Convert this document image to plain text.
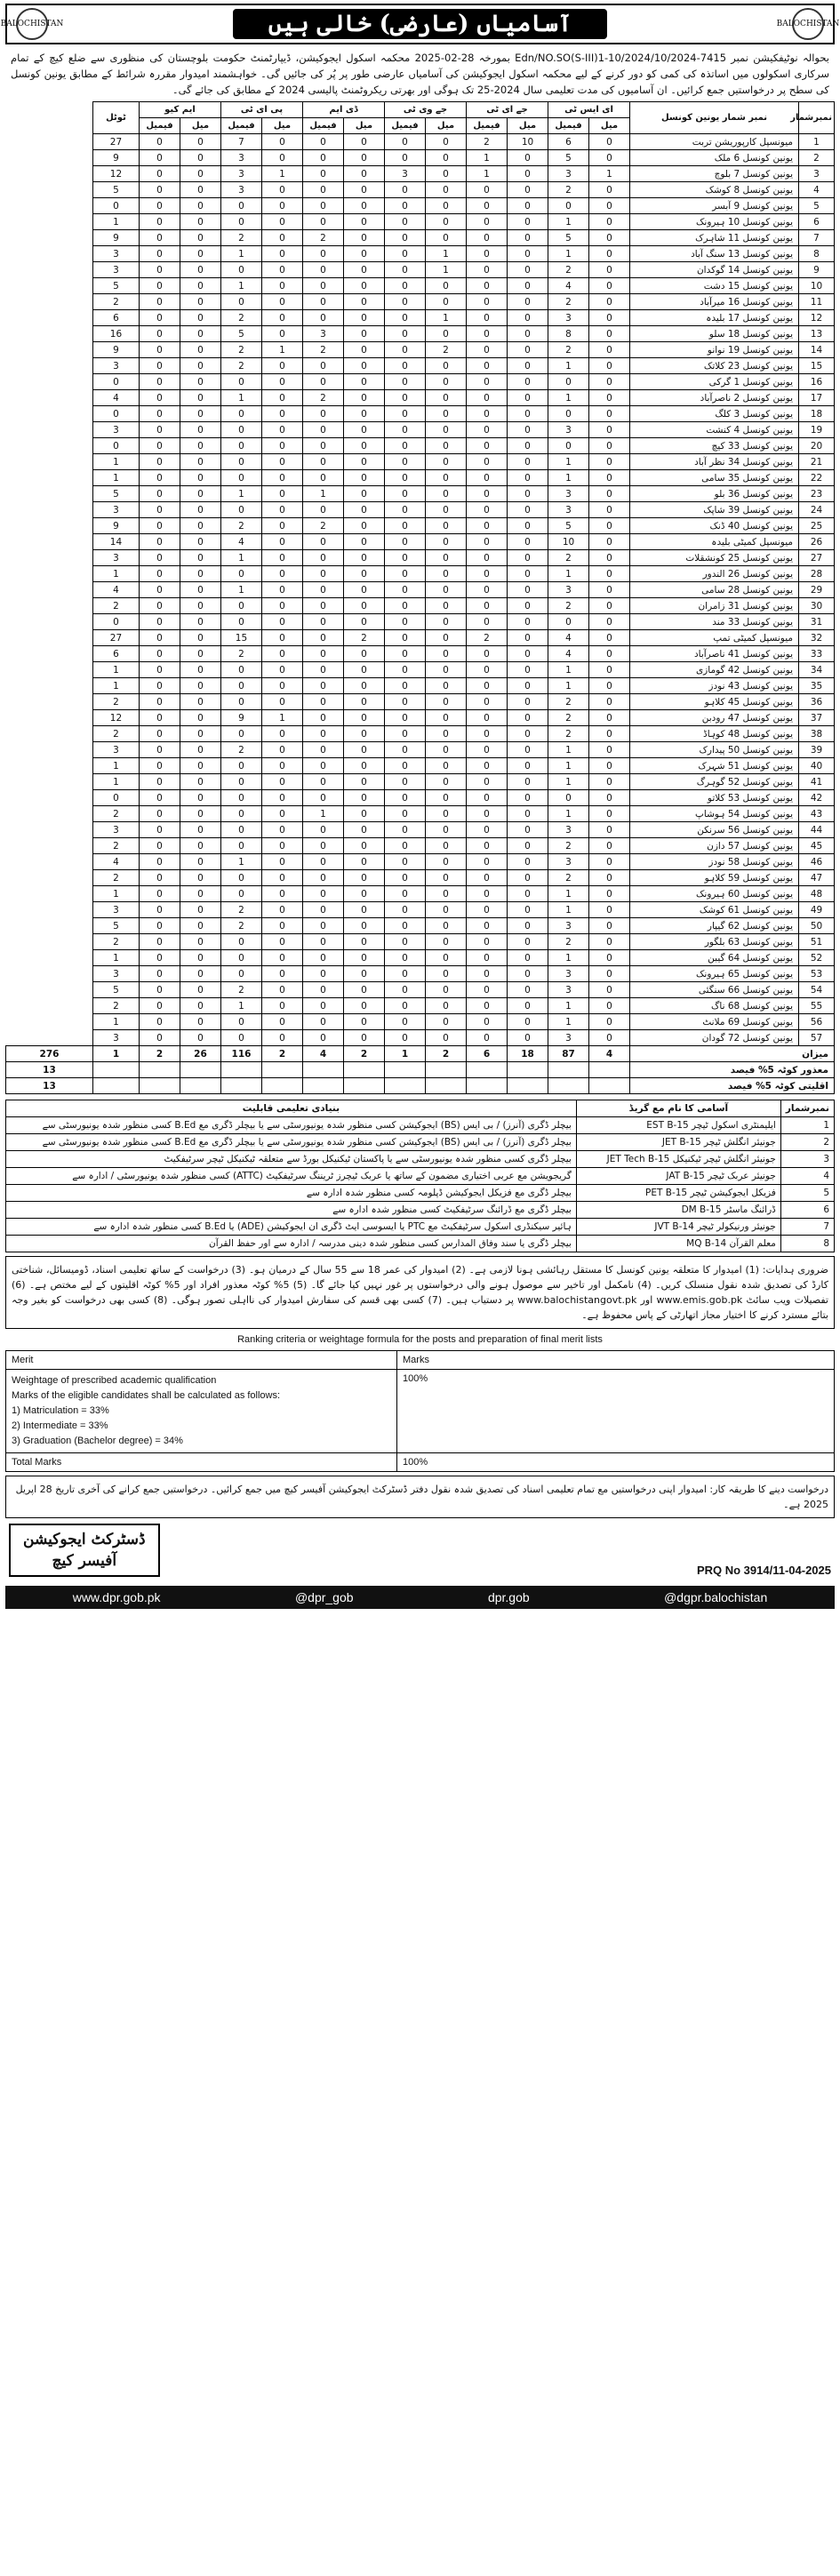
BALOCHISTAN	آسامیاں (عارضی) خالی ہیں	BALOCHISTAN

بحوالہ نوٹیفکیشن نمبر 7415-10/2024/Edn/NO.SO(S-III)1-10/2024 بمورخہ 28-02-2025 محکمہ اسکول ایجوکیشن، ڈیپارٹمنٹ حکومت بلوچستان کی منظوری سے ضلع کیچ کے تمام سرکاری اسکولوں میں اساتذہ کی کمی کو دور کرنے کے لیے محکمہ اسکول ایجوکیشن کی آسامیاں عارضی طور پر پُر کی جائیں گی۔ خواہشمند امیدوار مقررہ شرائط کے مطابق یونین کونسل کی سطح پر درخواستیں جمع کرائیں۔ ان آسامیوں کی مدت تعلیمی سال 2024-25 تک ہوگی اور بھرتی ریکروٹمنٹ پالیسی 2024 کے مطابق کی جائے گی۔

نمبرشمار	نمبر شمار یونین کونسل	ای ایس ٹی		جے ای ٹی		جے وی ٹی		ڈی ایم		پی ای ٹی		ایم کیو		ٹوٹل	
		میل	فیمیل	میل	فیمیل	میل	فیمیل	میل	فیمیل	میل	فیمیل	میل	فیمیل		
1	میونسپل کارپوریشن تربت	0	6	10	2	0	0	0	0	0	7	0	0	27	
2	یونین کونسل 6 ملک	0	5	0	1	0	0	0	0	0	3	0	0	9	
3	یونین کونسل 7 بلوچ	1	3	0	1	0	3	0	0	1	3	0	0	12	
4	یونین کونسل 8 کوشک	0	2	0	0	0	0	0	0	0	3	0	0	5	
5	یونین کونسل 9 آبسر	0	0	0	0	0	0	0	0	0	0	0	0	0	
6	یونین کونسل 10 ہیرونک	0	1	0	0	0	0	0	0	0	0	0	0	1	
7	یونین کونسل 11 شاہرک	0	5	0	0	0	0	0	2	0	2	0	0	9	
8	یونین کونسل 13 سنگ آباد	0	1	0	0	1	0	0	0	0	1	0	0	3	
9	یونین کونسل 14 گوکدان	0	2	0	0	1	0	0	0	0	0	0	0	3	
10	یونین کونسل 15 دشت	0	4	0	0	0	0	0	0	0	1	0	0	5	
11	یونین کونسل 16 میرآباد	0	2	0	0	0	0	0	0	0	0	0	0	2	
12	یونین کونسل 17 بلیدہ	0	3	0	0	1	0	0	0	0	2	0	0	6	
13	یونین کونسل 18 سلو	0	8	0	0	0	0	0	3	0	5	0	0	16	
14	یونین کونسل 19 نوانو	0	2	0	0	2	0	0	2	1	2	0	0	9	
15	یونین کونسل 23 کلاتک	0	1	0	0	0	0	0	0	0	2	0	0	3	
16	یونین کونسل 1 گرکی	0	0	0	0	0	0	0	0	0	0	0	0	0	
17	یونین کونسل 2 ناصرآباد	0	1	0	0	0	0	0	2	0	1	0	0	4	
18	یونین کونسل 3 کلگ	0	0	0	0	0	0	0	0	0	0	0	0	0	
19	یونین کونسل 4 کنشت	0	3	0	0	0	0	0	0	0	0	0	0	3	
20	یونین کونسل 33 کیچ	0	0	0	0	0	0	0	0	0	0	0	0	0	
21	یونین کونسل 34 نظر آباد	0	1	0	0	0	0	0	0	0	0	0	0	1	
22	یونین کونسل 35 سامی	0	1	0	0	0	0	0	0	0	0	0	0	1	
23	یونین کونسل 36 بلو	0	3	0	0	0	0	0	1	0	1	0	0	5	
24	یونین کونسل 39 شاپک	0	3	0	0	0	0	0	0	0	0	0	0	3	
25	یونین کونسل 40 ڈنک	0	5	0	0	0	0	0	2	0	2	0	0	9	
26	میونسپل کمیٹی بلیدہ	0	10	0	0	0	0	0	0	0	4	0	0	14	
27	یونین کونسل 25 کونشقلات	0	2	0	0	0	0	0	0	0	1	0	0	3	
28	یونین کونسل 26 الندور	0	1	0	0	0	0	0	0	0	0	0	0	1	
29	یونین کونسل 28 سامی	0	3	0	0	0	0	0	0	0	1	0	0	4	
30	یونین کونسل 31 زامران	0	2	0	0	0	0	0	0	0	0	0	0	2	
31	یونین کونسل 33 مند	0	0	0	0	0	0	0	0	0	0	0	0	0	
32	میونسپل کمیٹی تمپ	0	4	0	2	0	0	2	0	0	15	0	0	27	
33	یونین کونسل 41 ناصرآباد	0	4	0	0	0	0	0	0	0	2	0	0	6	
34	یونین کونسل 42 گومازی	0	1	0	0	0	0	0	0	0	0	0	0	1	
35	یونین کونسل 43 نودز	0	1	0	0	0	0	0	0	0	0	0	0	1	
36	یونین کونسل 45 کلاہو	0	2	0	0	0	0	0	0	0	0	0	0	2	
37	یونین کونسل 47 رودبن	0	2	0	0	0	0	0	0	1	9	0	0	12	
38	یونین کونسل 48 کوہاڈ	0	2	0	0	0	0	0	0	0	0	0	0	2	
39	یونین کونسل 50 پیدارک	0	1	0	0	0	0	0	0	0	2	0	0	3	
40	یونین کونسل 51 شہرک	0	1	0	0	0	0	0	0	0	0	0	0	1	
41	یونین کونسل 52 گوہرگ	0	1	0	0	0	0	0	0	0	0	0	0	1	
42	یونین کونسل 53 کلاتو	0	0	0	0	0	0	0	0	0	0	0	0	0	
43	یونین کونسل 54 ہوشاپ	0	1	0	0	0	0	0	1	0	0	0	0	2	
44	یونین کونسل 56 سرنکن	0	3	0	0	0	0	0	0	0	0	0	0	3	
45	یونین کونسل 57 دازن	0	2	0	0	0	0	0	0	0	0	0	0	2	
46	یونین کونسل 58 نودز	0	3	0	0	0	0	0	0	0	1	0	0	4	
47	یونین کونسل 59 کلاہو	0	2	0	0	0	0	0	0	0	0	0	0	2	
48	یونین کونسل 60 ہیرونک	0	1	0	0	0	0	0	0	0	0	0	0	1	
49	یونین کونسل 61 کوشک	0	1	0	0	0	0	0	0	0	2	0	0	3	
50	یونین کونسل 62 گیپار	0	3	0	0	0	0	0	0	0	2	0	0	5	
51	یونین کونسل 63 بلگور	0	2	0	0	0	0	0	0	0	0	0	0	2	
52	یونین کونسل 64 گیبن	0	1	0	0	0	0	0	0	0	0	0	0	1	
53	یونین کونسل 65 ہیرونک	0	3	0	0	0	0	0	0	0	0	0	0	3	
54	یونین کونسل 66 سنگئی	0	3	0	0	0	0	0	0	0	2	0	0	5	
55	یونین کونسل 68 ناگ	0	1	0	0	0	0	0	0	0	1	0	0	2	
56	یونین کونسل 69 ملانٹ	0	1	0	0	0	0	0	0	0	0	0	0	1	
57	یونین کونسل 72 گودان	0	3	0	0	0	0	0	0	0	0	0	0	3	
میزان		4	87	18	6	2	1	2	4	2	116	26	2	1	276
معذور کوٹہ 5% فیصد															13
اقلیتی کوٹہ 5% فیصد															13
نمبرشمار	آسامی کا نام مع گریڈ	بنیادی تعلیمی قابلیت
1	ایلیمنٹری اسکول ٹیچر EST B-15	بیچلر ڈگری (آنرز) / بی ایس (BS) ایجوکیشن کسی منظور شدہ یونیورسٹی سے یا بیچلر ڈگری مع B.Ed کسی منظور شدہ یونیورسٹی سے
2	جونیئر انگلش ٹیچر JET B-15	بیچلر ڈگری (آنرز) / بی ایس (BS) ایجوکیشن کسی منظور شدہ یونیورسٹی سے یا بیچلر ڈگری مع B.Ed کسی منظور شدہ یونیورسٹی سے
3	جونیئر انگلش ٹیچر ٹیکنیکل JET Tech B-15	بیچلر ڈگری کسی منظور شدہ یونیورسٹی سے یا پاکستان ٹیکنیکل بورڈ سے متعلقہ ٹیکنیکل ٹیچر سرٹیفکیٹ
4	جونیئر عربک ٹیچر JAT B-15	گریجویشن مع عربی اختیاری مضمون کے ساتھ یا عربک ٹیچرز ٹریننگ سرٹیفکیٹ (ATTC) کسی منظور شدہ یونیورسٹی / ادارہ سے
5	فزیکل ایجوکیشن ٹیچر PET B-15	بیچلر ڈگری مع فزیکل ایجوکیشن ڈپلومہ کسی منظور شدہ ادارہ سے
6	ڈرائنگ ماسٹر DM B-15	بیچلر ڈگری مع ڈرائنگ سرٹیفکیٹ کسی منظور شدہ ادارہ سے
7	جونیئر ورنیکولر ٹیچر JVT B-14	ہائیر سیکنڈری اسکول سرٹیفکیٹ مع PTC یا ایسوسی ایٹ ڈگری ان ایجوکیشن (ADE) یا B.Ed کسی منظور شدہ ادارہ سے
8	معلم القرآن MQ B-14	بیچلر ڈگری یا سند وفاق المدارس کسی منظور شدہ دینی مدرسہ / ادارہ سے اور حفظ القرآن

ضروری ہدایات: (1) امیدوار کا متعلقہ یونین کونسل کا مستقل رہائشی ہونا لازمی ہے۔ (2) امیدوار کی عمر 18 سے 55 سال کے درمیان ہو۔ (3) درخواست کے ساتھ تعلیمی اسناد، ڈومیسائل، شناختی کارڈ کی تصدیق شدہ نقول منسلک کریں۔ (4) نامکمل اور تاخیر سے موصول ہونے والی درخواستوں پر غور نہیں کیا جائے گا۔ (5) 5% کوٹہ معذور افراد اور 5% کوٹہ اقلیتوں کے لیے مختص ہے۔ (6) تفصیلات ویب سائٹ www.emis.gob.pk اور www.balochistangovt.pk پر دستیاب ہیں۔ (7) کسی بھی قسم کی سفارش امیدوار کی نااہلی تصور ہوگی۔ (8) کسی بھی درخواست کو بغیر وجہ بتائے مسترد کرنے کا اختیار مجاز اتھارٹی کے پاس محفوظ ہے۔

Ranking criteria or weightage formula for the posts and preparation of final merit lists
Merit	Marks

Weightage of prescribed academic qualification
Marks of the eligible candidates shall be calculated as follows:
1) Matriculation = 33%
2) Intermediate = 33%
3) Graduation (Bachelor degree) = 34%	100%
Total Marks	100%

درخواست دینے کا طریقہ کار: امیدوار اپنی درخواستیں مع تمام تعلیمی اسناد کی تصدیق شدہ نقول دفتر ڈسٹرکٹ ایجوکیشن آفیسر کیچ میں جمع کرائیں۔ درخواستیں جمع کرانے کی آخری تاریخ 28 اپریل 2025 ہے۔

ڈسٹرکٹ ایجوکیشن
آفیسر کیچ
PRQ No 3914/11-04-2025
www.dpr.gob.pk	@dpr_gob	dpr.gob	@dgpr.balochistan
